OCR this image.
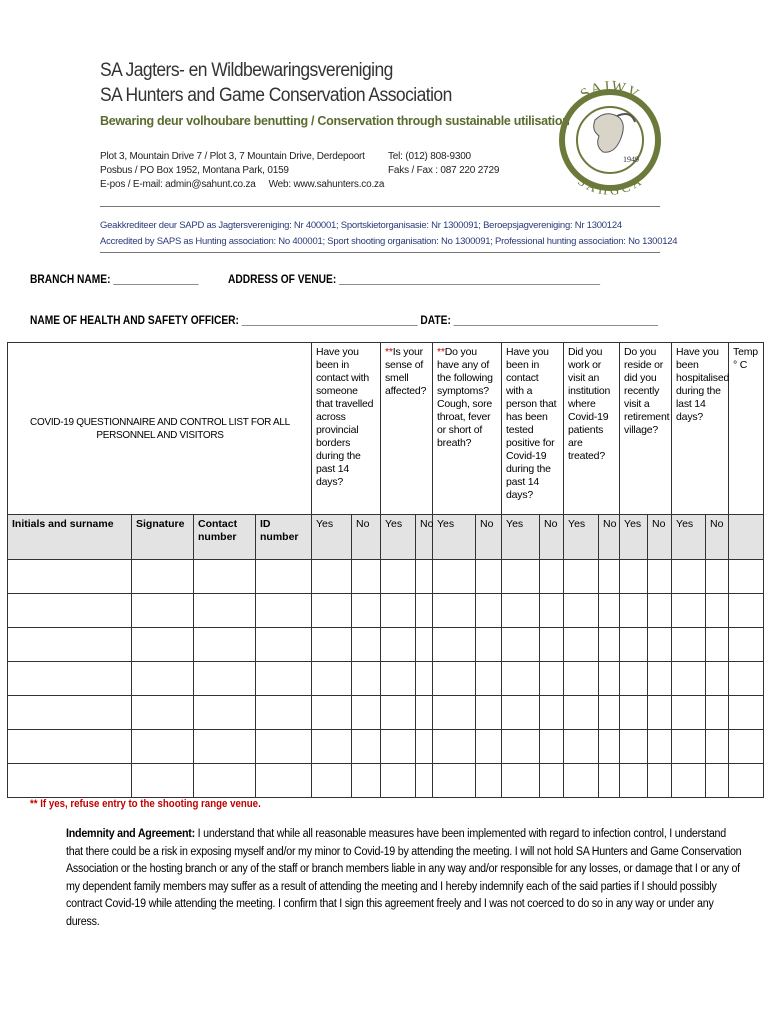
SA Jagters- en Wildbewaringsvereniging
SA Hunters and Game Conservation Association
Bewaring deur volhoubare benutting / Conservation through sustainable utilisation
Plot 3, Mountain Drive 7 / Plot 3, 7 Mountain Drive, Derdepoort
Posbus / PO Box 1952, Montana Park, 0159
E-pos / E-mail: admin@sahunt.co.za Web: www.sahunters.co.za
Tel: (012) 808-9300
Faks / Fax : 087 220 2729
Geakkrediteer deur SAPD as Jagtersvereniging: Nr 400001; Sportskietorganisasie: Nr 1300091; Beroepsjagvereniging: Nr 1300124
Accredited by SAPS as Hunting association: No 400001; Sport shooting organisation: No 1300091; Professional hunting association: No 1300124
1949
SAJWV
SAHGCA
BRANCH NAME: _______________ ADDRESS OF VENUE: ______________________________________________
NAME OF HEALTH AND SAFETY OFFICER: _______________________________ DATE: ____________________________________
COVID-19 QUESTIONNAIRE AND CONTROL LIST FOR ALL PERSONNEL AND VISITORS				Have you been in contact with someone that travelled across provincial borders during the past 14 days?		**Is your sense of smell affected?		**Do you have any of the following symptoms? Cough, sore throat, fever or short of breath?		Have you been in contact with a person that has been tested positive for Covid-19 during the past 14 days?		Did you work or visit an institution where Covid-19 patients are treated?		Do you reside or did you recently visit a retirement village?		Have you been hospitalised during the last 14 days?		Temp ° C
Initials and surname	Signature	Contact number	ID number	Yes	No	Yes	No	Yes	No	Yes	No	Yes	No	Yes	No	Yes	No	

** If yes, refuse entry to the shooting range venue.
Indemnity and Agreement: I understand that while all reasonable measures have been implemented with regard to infection control, I understand that there could be a risk in exposing myself and/or my minor to Covid-19 by attending the meeting. I will not hold SA Hunters and Game Conservation Association or the hosting branch or any of the staff or branch members liable in any way and/or responsible for any losses, or damage that I or any of my dependent family members may suffer as a result of attending the meeting and I hereby indemnify each of the said parties if I should possibly contract Covid-19 while attending the meeting. I confirm that I sign this agreement freely and I was not coerced to do so in any way or under any duress.
